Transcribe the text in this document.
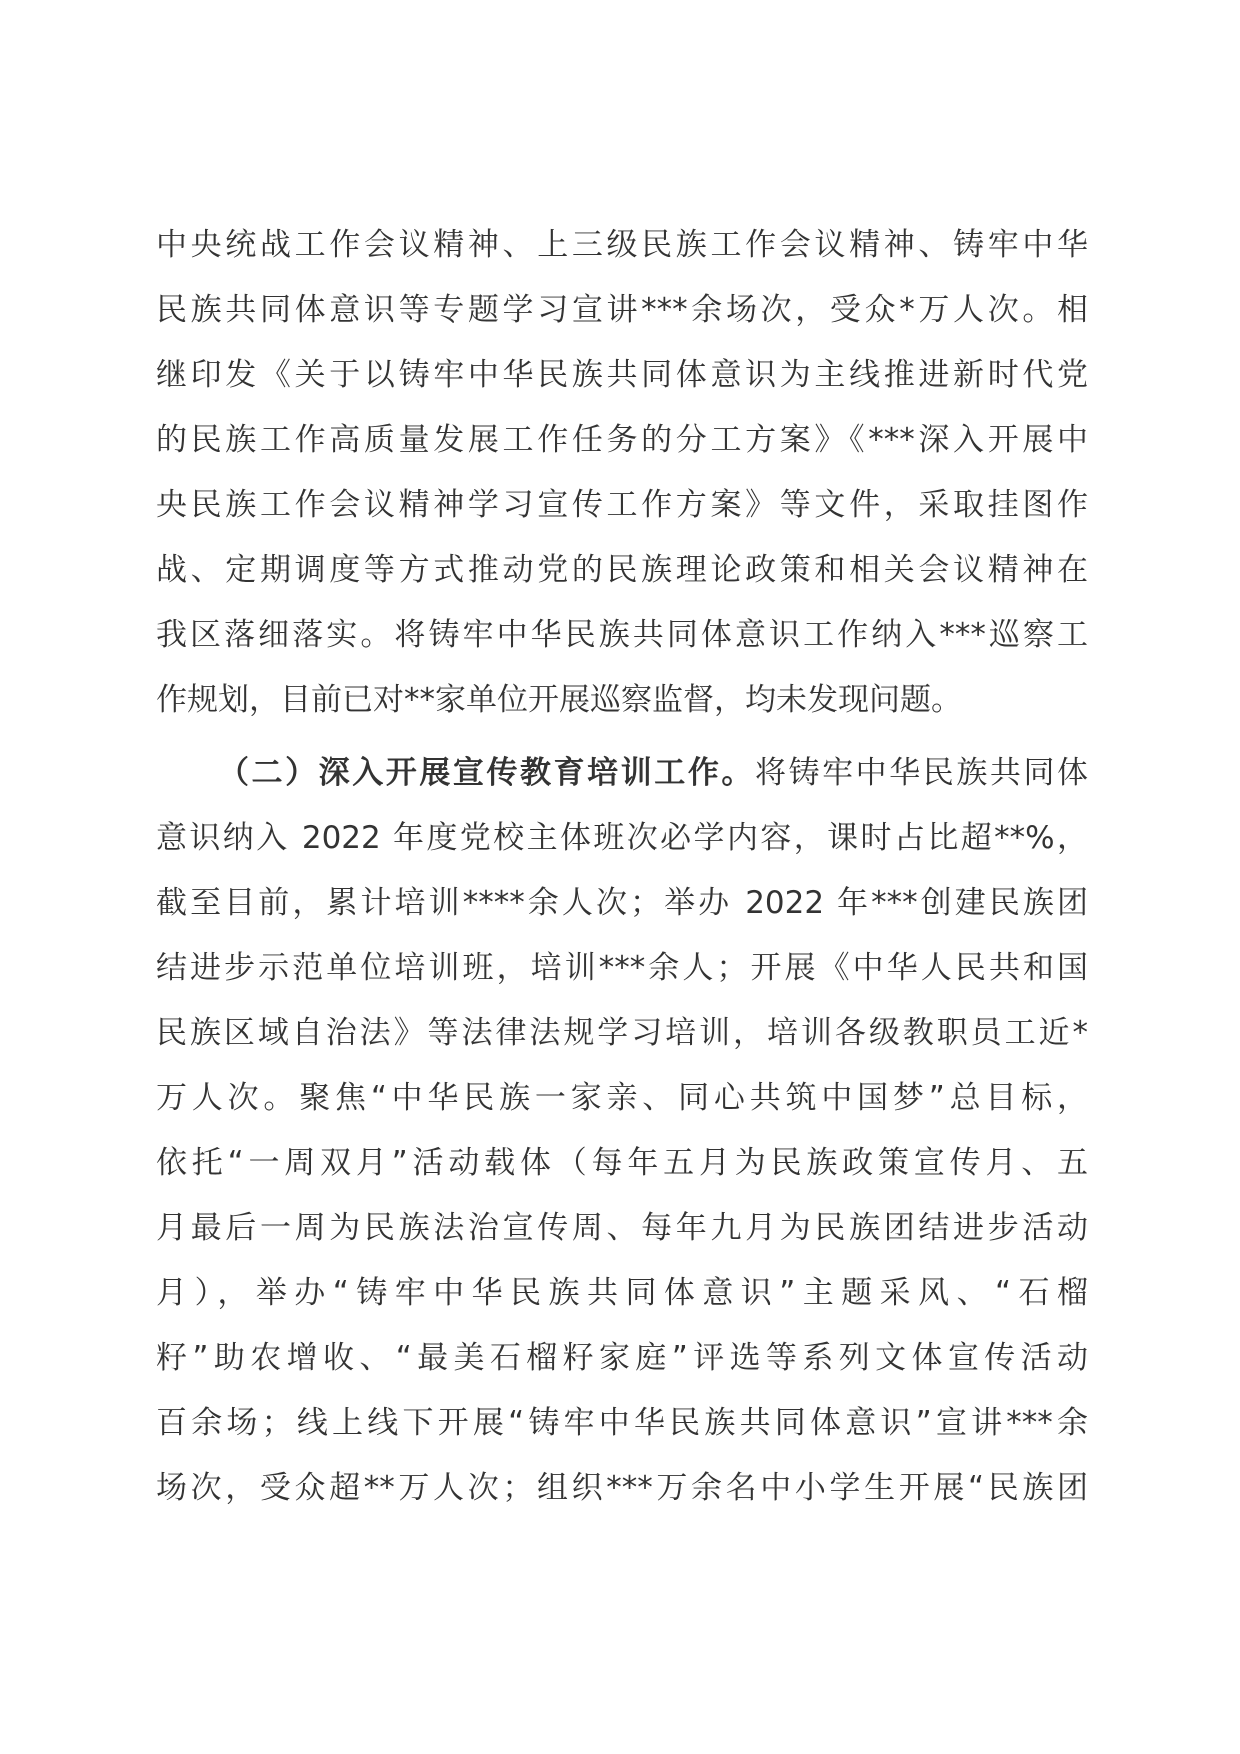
中央统战工作会议精神、上三级民族工作会议精神、铸牢中华
民族共同体意识等专题学习宣讲***余场次，受众*万人次。相
继印发《关于以铸牢中华民族共同体意识为主线推进新时代党
的民族工作高质量发展工作任务的分工方案》《***深入开展中
央民族工作会议精神学习宣传工作方案》等文件，采取挂图作
战、定期调度等方式推动党的民族理论政策和相关会议精神在
我区落细落实。将铸牢中华民族共同体意识工作纳入***巡察工
作规划，目前已对**家单位开展巡察监督，均未发现问题。
（二）深入开展宣传教育培训工作。将铸牢中华民族共同体
意识纳入 2022 年度党校主体班次必学内容，课时占比超**%，
截至目前，累计培训****余人次；举办 2022 年***创建民族团
结进步示范单位培训班，培训***余人；开展《中华人民共和国
民族区域自治法》等法律法规学习培训，培训各级教职员工近*
万人次。聚焦“中华民族一家亲、同心共筑中国梦”总目标，
依托“一周双月”活动载体（每年五月为民族政策宣传月、五
月最后一周为民族法治宣传周、每年九月为民族团结进步活动
月），举办“铸牢中华民族共同体意识”主题采风、“石榴
籽”助农增收、“最美石榴籽家庭”评选等系列文体宣传活动
百余场；线上线下开展“铸牢中华民族共同体意识”宣讲***余
场次，受众超**万人次；组织***万余名中小学生开展“民族团
